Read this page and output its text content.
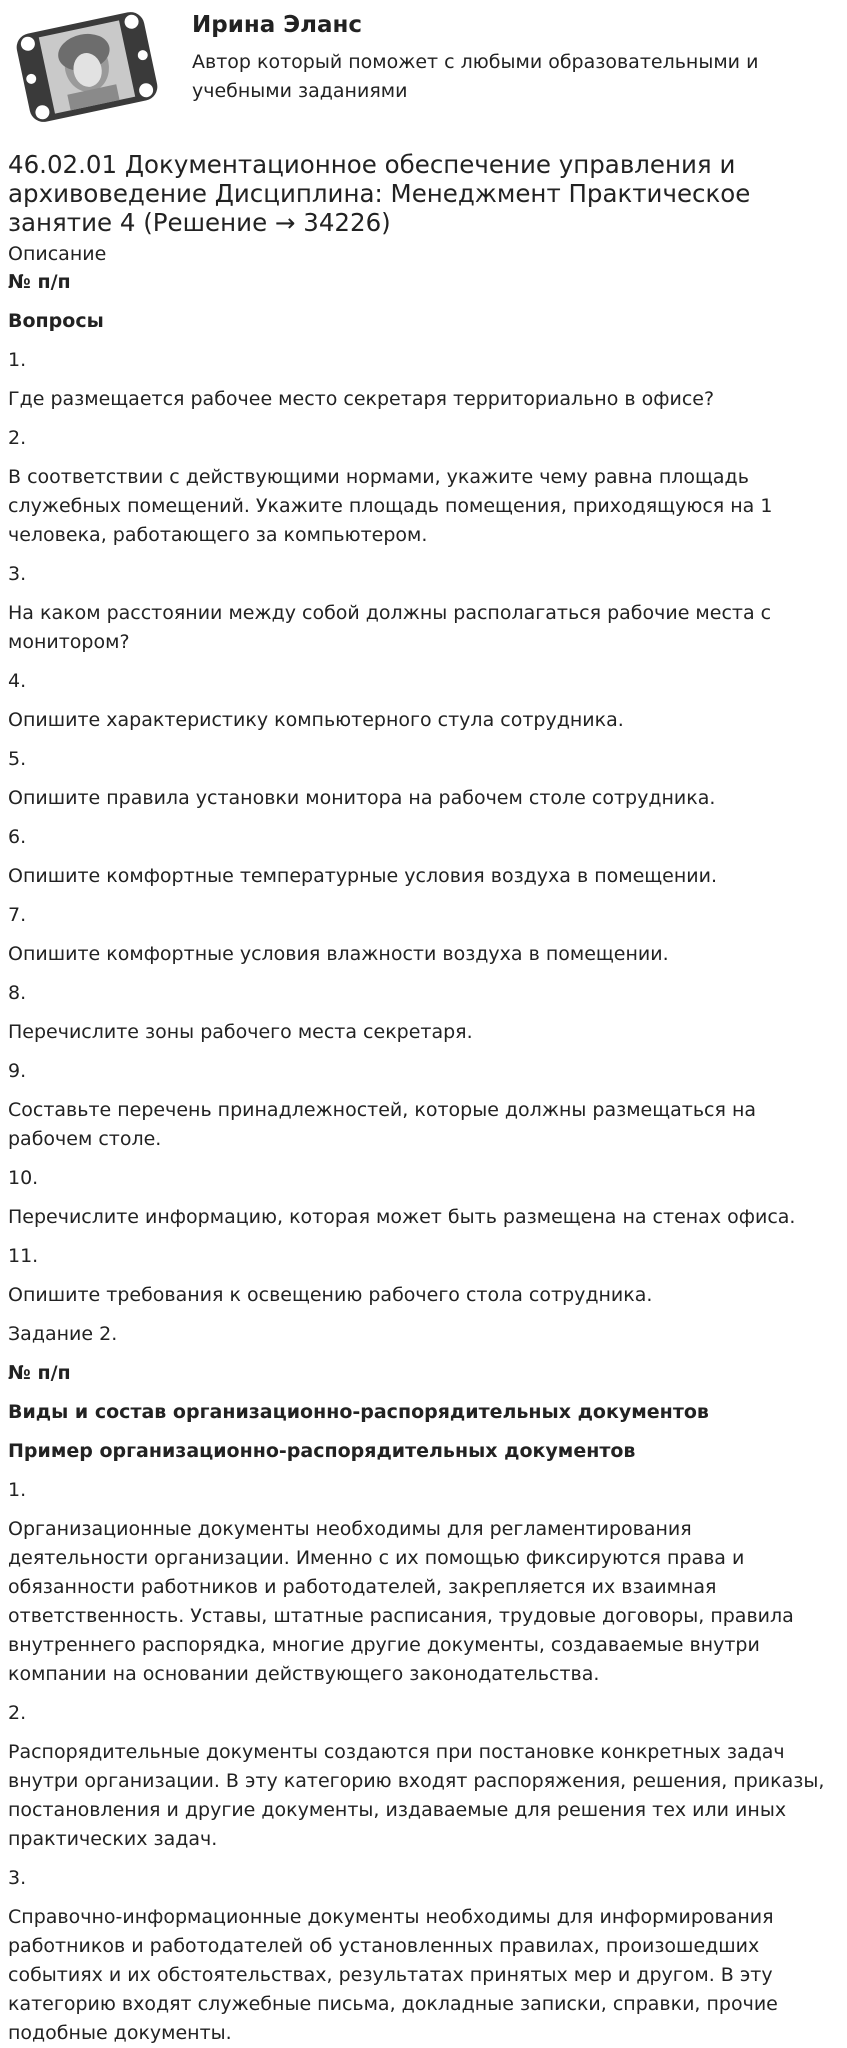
Ирина Эланс
Автор который поможет с любыми образовательными и учебными заданиями
46.02.01 Документационное обеспечение управления и архивоведение Дисциплина: Менеджмент Практическое занятие 4 (Решение → 34226)
Описание
№ п/п
Вопросы
1.
Где размещается рабочее место секретаря территориально в офисе?
2.
В соответствии с действующими нормами, укажите чему равна площадь служебных помещений. Укажите площадь помещения, приходящуюся на 1 человека, работающего за компьютером.
3.
На каком расстоянии между собой должны располагаться рабочие места с монитором?
4.
Опишите характеристику компьютерного стула сотрудника.
5.
Опишите правила установки монитора на рабочем столе сотрудника.
6.
Опишите комфортные температурные условия воздуха в помещении.
7.
Опишите комфортные условия влажности воздуха в помещении.
8.
Перечислите зоны рабочего места секретаря.
9.
Составьте перечень принадлежностей, которые должны размещаться на рабочем столе.
10.
Перечислите информацию, которая может быть размещена на стенах офиса.
11.
Опишите требования к освещению рабочего стола сотрудника.
Задание 2.
№ п/п
Виды и состав организационно-распорядительных документов
Пример организационно-распорядительных документов
1.
Организационные документы необходимы для регламентирования деятельности организации. Именно с их помощью фиксируются права и обязанности работников и работодателей, закрепляется их взаимная ответственность. Уставы, штатные расписания, трудовые договоры, правила внутреннего распорядка, многие другие документы, создаваемые внутри компании на основании действующего законодательства.
2.
Распорядительные документы создаются при постановке конкретных задач внутри организации. В эту категорию входят распоряжения, решения, приказы, постановления и другие документы, издаваемые для решения тех или иных практических задач.
3.
Справочно-информационные документы необходимы для информирования работников и работодателей об установленных правилах, произошедших событиях и их обстоятельствах, результатах принятых мер и другом. В эту категорию входят служебные письма, докладные записки, справки, прочие подобные документы.
